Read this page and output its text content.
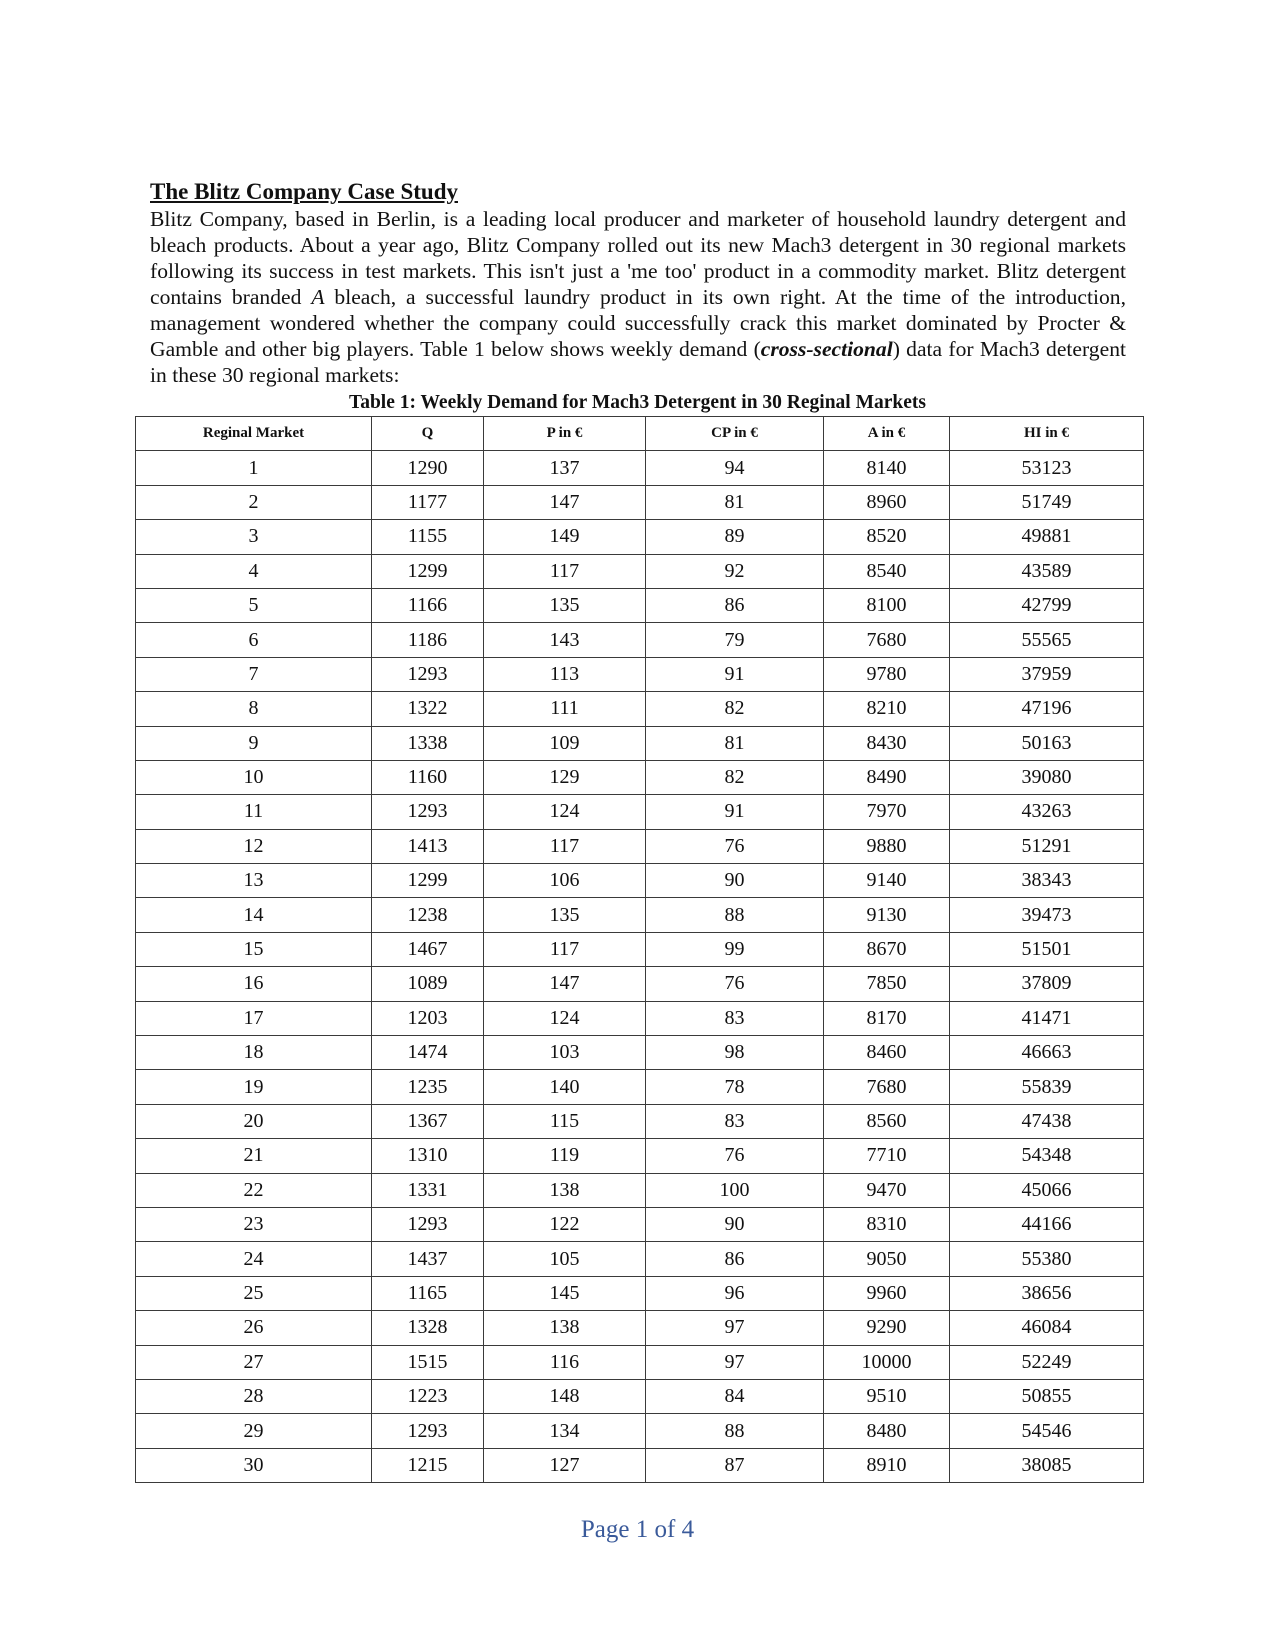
The Blitz Company Case Study
Blitz Company, based in Berlin, is a leading local producer and marketer of household laundry detergent and bleach products. About a year ago, Blitz Company rolled out its new Mach3 detergent in 30 regional markets following its success in test markets. This isn't just a 'me too' product in a commodity market. Blitz detergent contains branded A bleach, a successful laundry product in its own right. At the time of the introduction, management wondered whether the company could successfully crack this market dominated by Procter & Gamble and other big players. Table 1 below shows weekly demand (cross-sectional) data for Mach3 detergent in these 30 regional markets:
Table 1: Weekly Demand for Mach3 Detergent in 30 Reginal Markets
Reginal Market	Q	P in €	CP in €	A in €	HI in €
1	1290	137	94	8140	53123
2	1177	147	81	8960	51749
3	1155	149	89	8520	49881
4	1299	117	92	8540	43589
5	1166	135	86	8100	42799
6	1186	143	79	7680	55565
7	1293	113	91	9780	37959
8	1322	111	82	8210	47196
9	1338	109	81	8430	50163
10	1160	129	82	8490	39080
11	1293	124	91	7970	43263
12	1413	117	76	9880	51291
13	1299	106	90	9140	38343
14	1238	135	88	9130	39473
15	1467	117	99	8670	51501
16	1089	147	76	7850	37809
17	1203	124	83	8170	41471
18	1474	103	98	8460	46663
19	1235	140	78	7680	55839
20	1367	115	83	8560	47438
21	1310	119	76	7710	54348
22	1331	138	100	9470	45066
23	1293	122	90	8310	44166
24	1437	105	86	9050	55380
25	1165	145	96	9960	38656
26	1328	138	97	9290	46084
27	1515	116	97	10000	52249
28	1223	148	84	9510	50855
29	1293	134	88	8480	54546
30	1215	127	87	8910	38085
Page 1 of 4
